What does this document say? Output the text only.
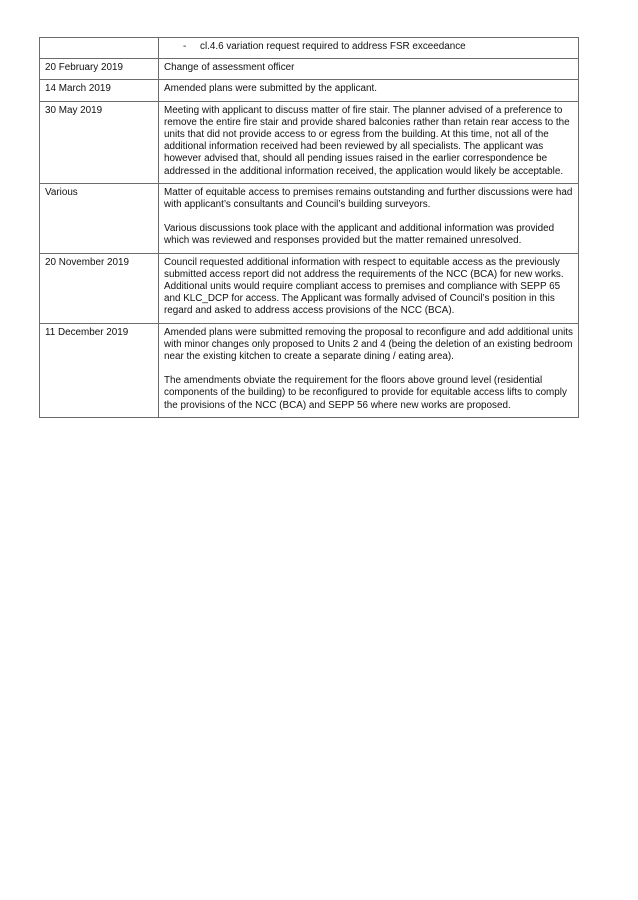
	- cl.4.6 variation request required to address FSR exceedance

20 February 2019	Change of assessment officer

14 March 2019	Amended plans were submitted by the applicant.

30 May 2019	Meeting with applicant to discuss matter of fire stair. The planner advised of a preference to remove the entire fire stair and provide shared balconies rather than retain rear access to the units that did not provide access to or egress from the building. At this time, not all of the additional information received had been reviewed by all specialists. The applicant was however advised that, should all pending issues raised in the earlier correspondence be addressed in the additional information received, the application would likely be acceptable.

Various	Matter of equitable access to premises remains outstanding and further discussions were had with applicant’s consultants and Council’s building surveyors.

Various discussions took place with the applicant and additional information was provided which was reviewed and responses provided but the matter remained unresolved.

20 November 2019	Council requested additional information with respect to equitable access as the previously submitted access report did not address the requirements of the NCC (BCA) for new works. Additional units would require compliant access to premises and compliance with SEPP 65 and KLC_DCP for access. The Applicant was formally advised of Council’s position in this regard and asked to address access provisions of the NCC (BCA).

11 December 2019	Amended plans were submitted removing the proposal to reconfigure and add additional units with minor changes only proposed to Units 2 and 4 (being the deletion of an existing bedroom near the existing kitchen to create a separate dining / eating area).

The amendments obviate the requirement for the floors above ground level (residential components of the building) to be reconfigured to provide for equitable access lifts to comply the provisions of the NCC (BCA) and SEPP 56 where new works are proposed.
